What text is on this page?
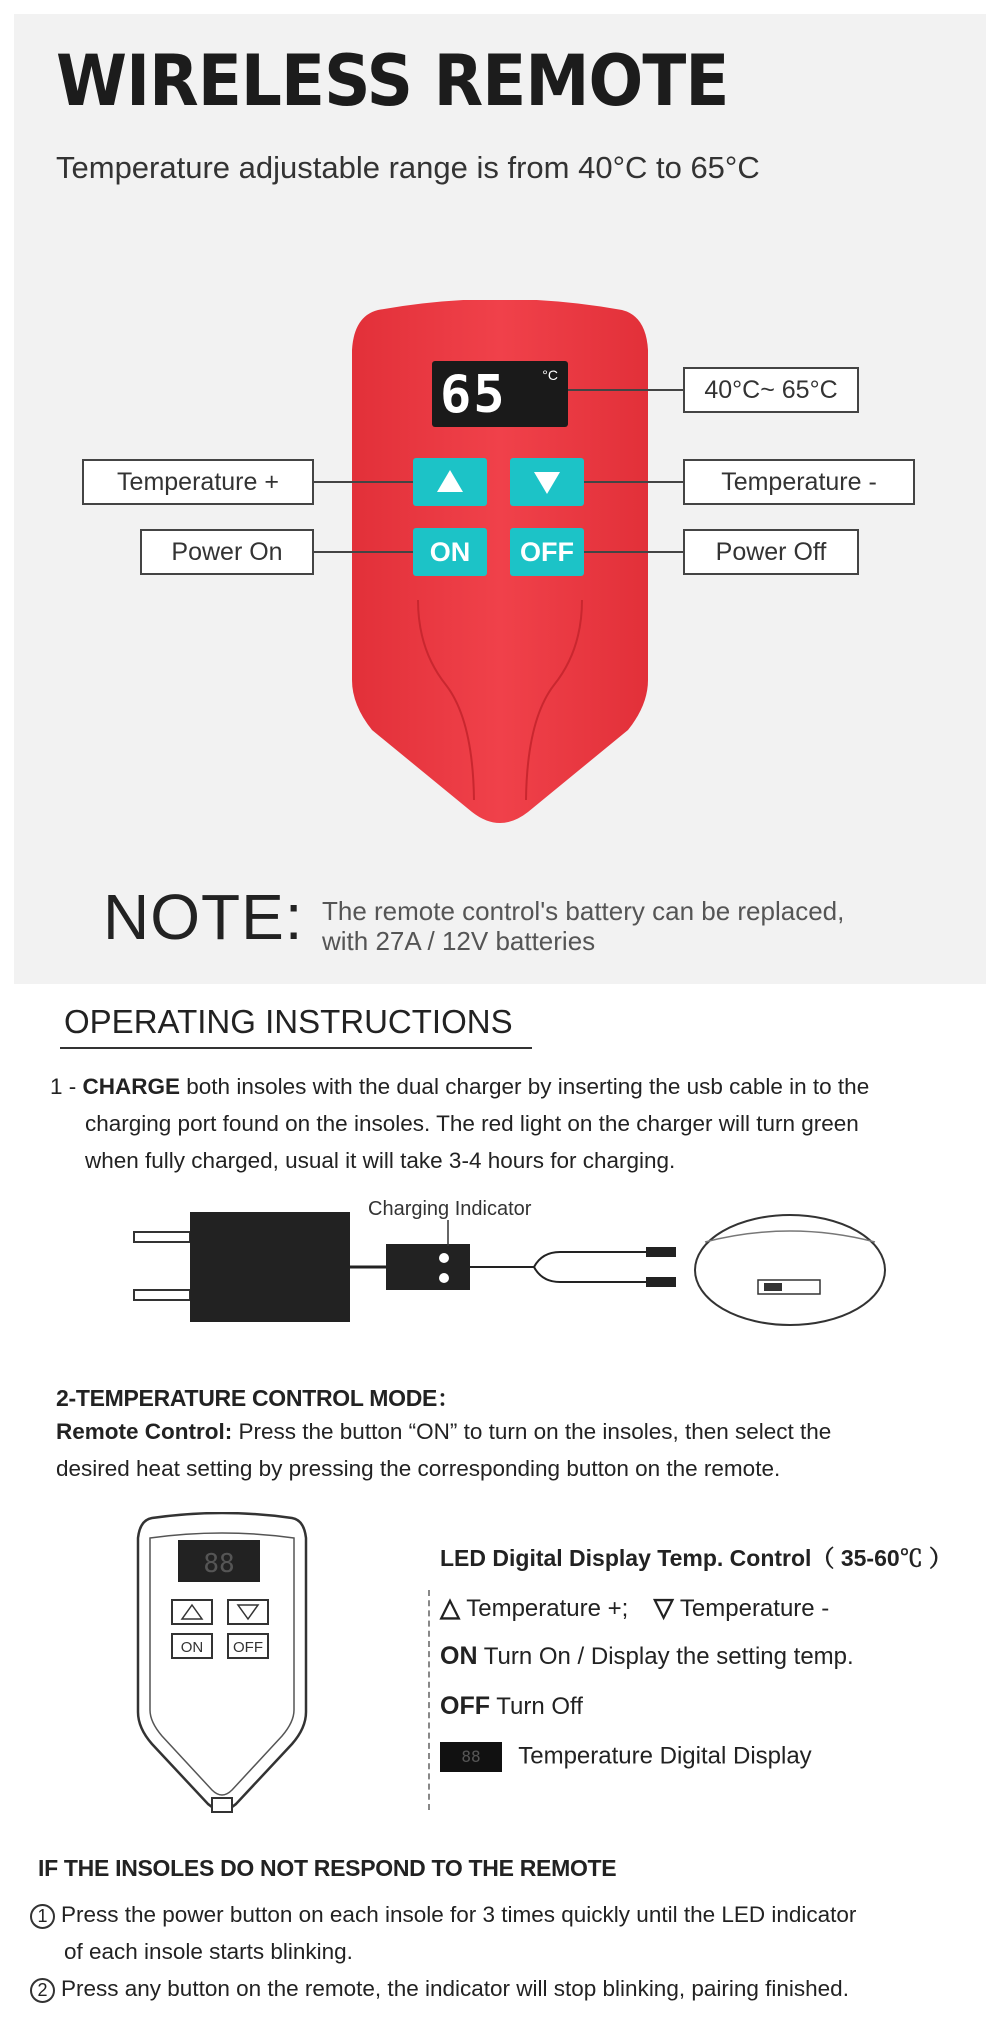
WIRELESS REMOTE
Temperature adjustable range is from 40°C to 65°C
65	°C
ON	OFF
40°C~ 65°C
Temperature +	Temperature -
Power On	Power Off
NOTE: The remote control's battery can be replaced,
with 27A / 12V batteries
OPERATING INSTRUCTIONS
1 - CHARGE both insoles with the dual charger by inserting the usb cable in to the
charging port found on the insoles. The red light on the charger will turn green
when fully charged, usual it will take 3-4 hours for charging.
Charging Indicator
2-TEMPERATURE CONTROL MODE：
Remote Control: Press the button “ON” to turn on the insoles, then select the
desired heat setting by pressing the corresponding button on the remote.
88
ON OFF
LED Digital Display Temp. Control（ 35-60℃ ）
△ Temperature +; ▽ Temperature -
ON Turn On / Display the setting temp.
OFF Turn Off
88 Temperature Digital Display
IF THE INSOLES DO NOT RESPOND TO THE REMOTE
1 Press the power button on each insole for 3 times quickly until the LED indicator
of each insole starts blinking.
2 Press any button on the remote, the indicator will stop blinking, pairing finished.
